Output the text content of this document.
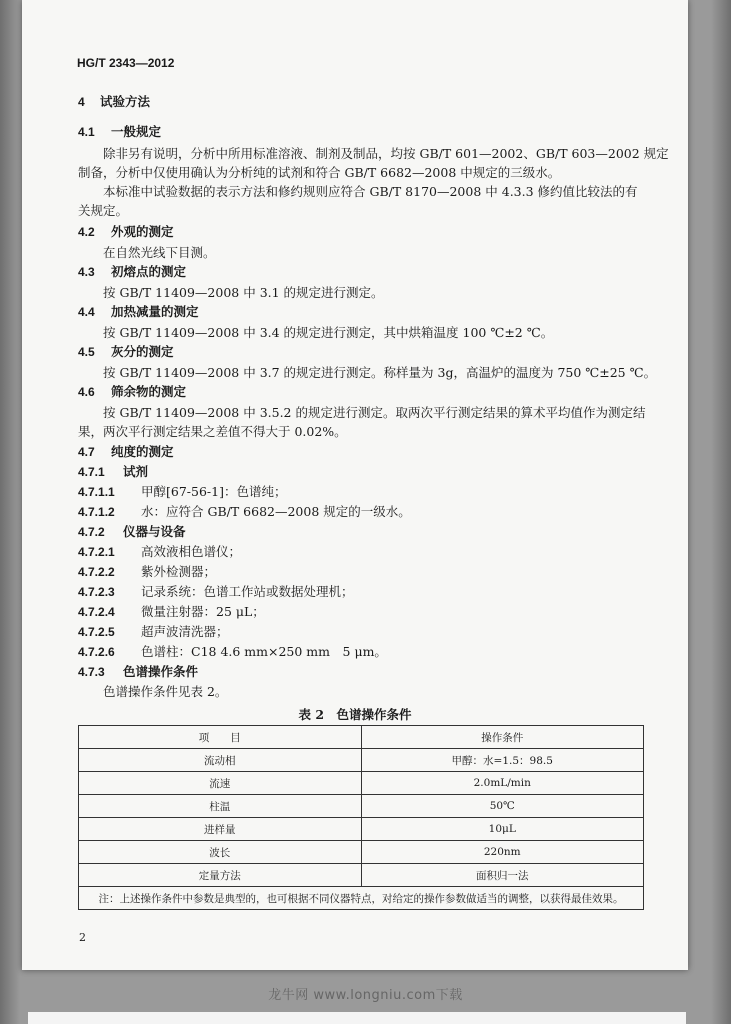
HG/T 2343—2012
4 试验方法
4.1 一般规定
除非另有说明，分析中所用标准溶液、制剂及制品，均按 GB/T 601—2002、GB/T 603—2002 规定
制备，分析中仅使用确认为分析纯的试剂和符合 GB/T 6682—2008 中规定的三级水。
本标准中试验数据的表示方法和修约规则应符合 GB/T 8170—2008 中 4.3.3 修约值比较法的有
关规定。
4.2 外观的测定
在自然光线下目测。
4.3 初熔点的测定
按 GB/T 11409—2008 中 3.1 的规定进行测定。
4.4 加热减量的测定
按 GB/T 11409—2008 中 3.4 的规定进行测定，其中烘箱温度 100 ℃±2 ℃。
4.5 灰分的测定
按 GB/T 11409—2008 中 3.7 的规定进行测定。称样量为 3g，高温炉的温度为 750 ℃±25 ℃。
4.6 筛余物的测定
按 GB/T 11409—2008 中 3.5.2 的规定进行测定。取两次平行测定结果的算术平均值作为测定结
果，两次平行测定结果之差值不得大于 0.02%。
4.7 纯度的测定
4.7.1 试剂
4.7.1.1 甲醇[67-56-1]：色谱纯；
4.7.1.2 水：应符合 GB/T 6682—2008 规定的一级水。
4.7.2 仪器与设备
4.7.2.1 高效液相色谱仪；
4.7.2.2 紫外检测器；
4.7.2.3 记录系统：色谱工作站或数据处理机；
4.7.2.4 微量注射器：25 μL；
4.7.2.5 超声波清洗器；
4.7.2.6 色谱柱：C18 4.6 mm×250 mm　5 μm。
4.7.3 色谱操作条件
色谱操作条件见表 2。
表 2　色谱操作条件
项　　目	操作条件
流动相	甲醇：水=1.5：98.5
流速	2.0mL/min
柱温	50℃
进样量	10μL
波长	220nm
定量方法	面积归一法
注：上述操作条件中参数是典型的，也可根据不同仪器特点，对给定的操作参数做适当的调整，以获得最佳效果。	
2
龙牛网 www.longniu.com下载
